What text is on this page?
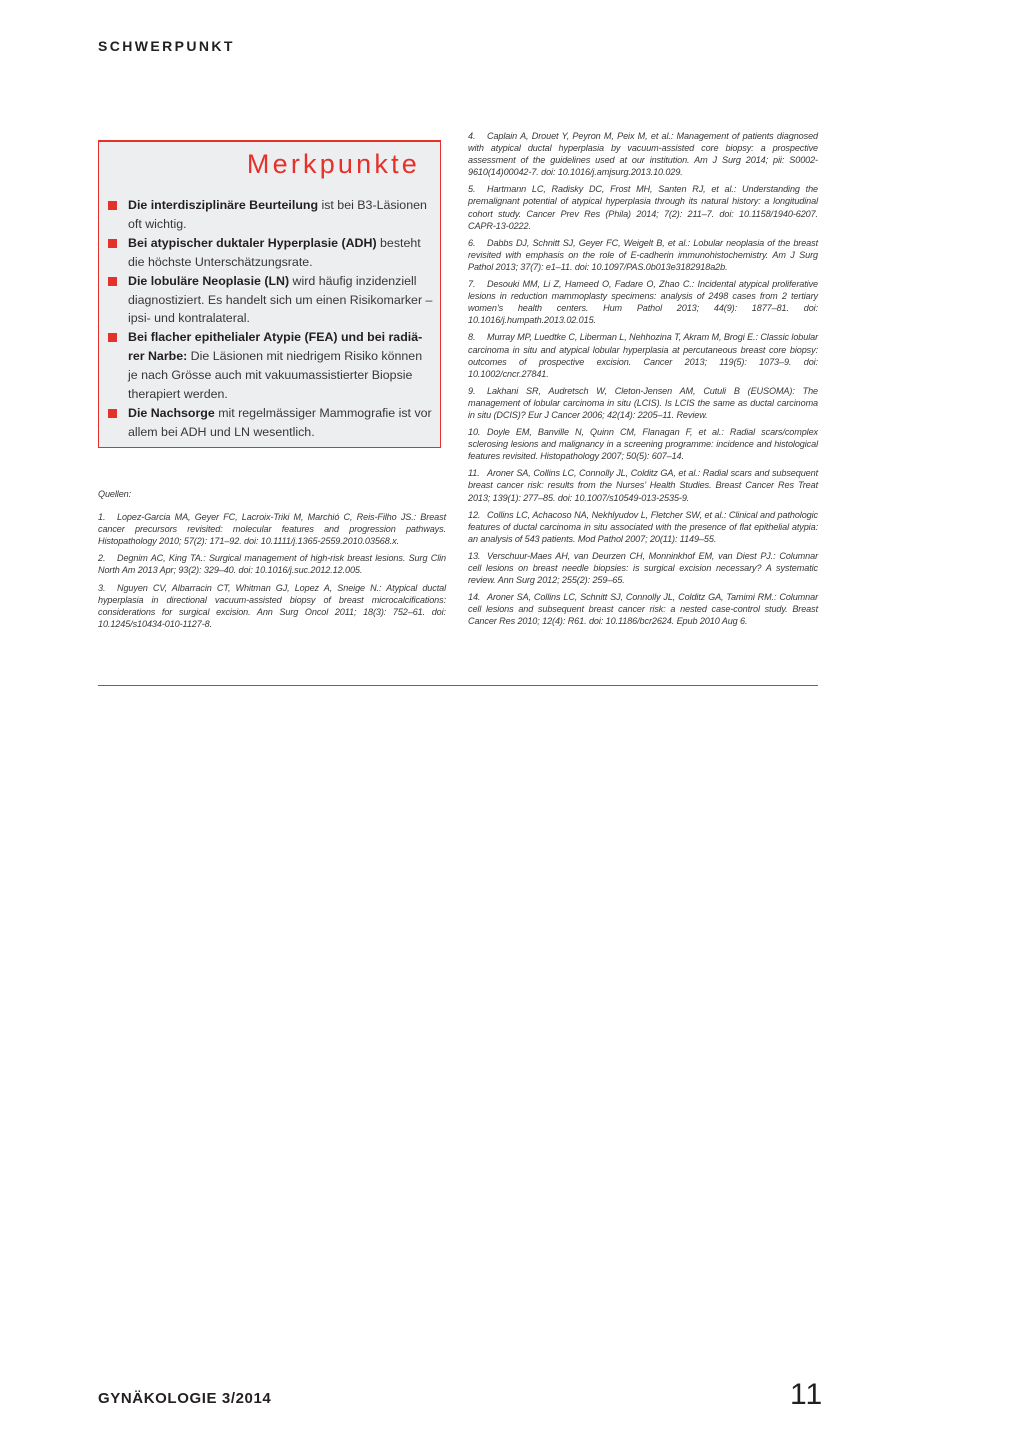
SCHWERPUNKT
Merkpunkte
Die interdisziplinäre Beurteilung ist bei B3-Läsionen oft wichtig.
Bei atypischer duktaler Hyperplasie (ADH) besteht die höchste Unterschätzungsrate.
Die lobuläre Neoplasie (LN) wird häufig inzidenziell diagnostiziert. Es handelt sich um einen Risikomarker – ipsi- und kontralateral.
Bei flacher epithelialer Atypie (FEA) und bei radiärer Narbe: Die Läsionen mit niedrigem Risiko können je nach Grösse auch mit vakuumassistierter Biopsie therapiert werden.
Die Nachsorge mit regelmässiger Mammografie ist vor allem bei ADH und LN wesentlich.

Quellen:

1. Lopez-Garcia MA, Geyer FC, Lacroix-Triki M, Marchió C, Reis-Filho JS.: Breast cancer precursors revisited: molecular features and progression pathways. Histopathology 2010; 57(2): 171–92. doi: 10.1111/j.1365-2559.2010.03568.x.

2. Degnim AC, King TA.: Surgical management of high-risk breast lesions. Surg Clin North Am 2013 Apr; 93(2): 329–40. doi: 10.1016/j.suc.2012.12.005.

3. Nguyen CV, Albarracin CT, Whitman GJ, Lopez A, Sneige N.: Atypical ductal hyperplasia in directional vacuum-assisted biopsy of breast microcalcifications: considerations for surgical excision. Ann Surg Oncol 2011; 18(3): 752–61. doi: 10.1245/s10434-010-1127-8.

4. Caplain A, Drouet Y, Peyron M, Peix M, et al.: Management of patients diagnosed with atypical ductal hyperplasia by vacuum-assisted core biopsy: a prospective assessment of the guidelines used at our institution. Am J Surg 2014; pii: S0002-9610(14)00042-7. doi: 10.1016/j.amjsurg.2013.10.029.

5. Hartmann LC, Radisky DC, Frost MH, Santen RJ, et al.: Understanding the premalignant potential of atypical hyperplasia through its natural history: a longitudinal cohort study. Cancer Prev Res (Phila) 2014; 7(2): 211–7. doi: 10.1158/1940-6207. CAPR-13-0222.

6. Dabbs DJ, Schnitt SJ, Geyer FC, Weigelt B, et al.: Lobular neoplasia of the breast revisited with emphasis on the role of E-cadherin immunohistochemistry. Am J Surg Pathol 2013; 37(7): e1–11. doi: 10.1097/PAS.0b013e3182918a2b.

7. Desouki MM, Li Z, Hameed O, Fadare O, Zhao C.: Incidental atypical proliferative lesions in reduction mammoplasty specimens: analysis of 2498 cases from 2 tertiary women’s health centers. Hum Pathol 2013; 44(9): 1877–81. doi: 10.1016/j.humpath.2013.02.015.

8. Murray MP, Luedtke C, Liberman L, Nehhozina T, Akram M, Brogi E.: Classic lobular carcinoma in situ and atypical lobular hyperplasia at percutaneous breast core biopsy: outcomes of prospective excision. Cancer 2013; 119(5): 1073–9. doi: 10.1002/cncr.27841.

9. Lakhani SR, Audretsch W, Cleton-Jensen AM, Cutuli B (EUSOMA): The management of lobular carcinoma in situ (LCIS). Is LCIS the same as ductal carcinoma in situ (DCIS)? Eur J Cancer 2006; 42(14): 2205–11. Review.

10. Doyle EM, Banville N, Quinn CM, Flanagan F, et al.: Radial scars/complex sclerosing lesions and malignancy in a screening programme: incidence and histological features revisited. Histopathology 2007; 50(5): 607–14.

11. Aroner SA, Collins LC, Connolly JL, Colditz GA, et al.: Radial scars and subsequent breast cancer risk: results from the Nurses’ Health Studies. Breast Cancer Res Treat 2013; 139(1): 277–85. doi: 10.1007/s10549-013-2535-9.

12. Collins LC, Achacoso NA, Nekhlyudov L, Fletcher SW, et al.: Clinical and pathologic features of ductal carcinoma in situ associated with the presence of flat epithelial atypia: an analysis of 543 patients. Mod Pathol 2007; 20(11): 1149–55.

13. Verschuur-Maes AH, van Deurzen CH, Monninkhof EM, van Diest PJ.: Columnar cell lesions on breast needle biopsies: is surgical excision necessary? A systematic review. Ann Surg 2012; 255(2): 259–65.

14. Aroner SA, Collins LC, Schnitt SJ, Connolly JL, Colditz GA, Tamimi RM.: Columnar cell lesions and subsequent breast cancer risk: a nested case-control study. Breast Cancer Res 2010; 12(4): R61. doi: 10.1186/bcr2624. Epub 2010 Aug 6.

GYNÄKOLOGIE 3/2014	11
